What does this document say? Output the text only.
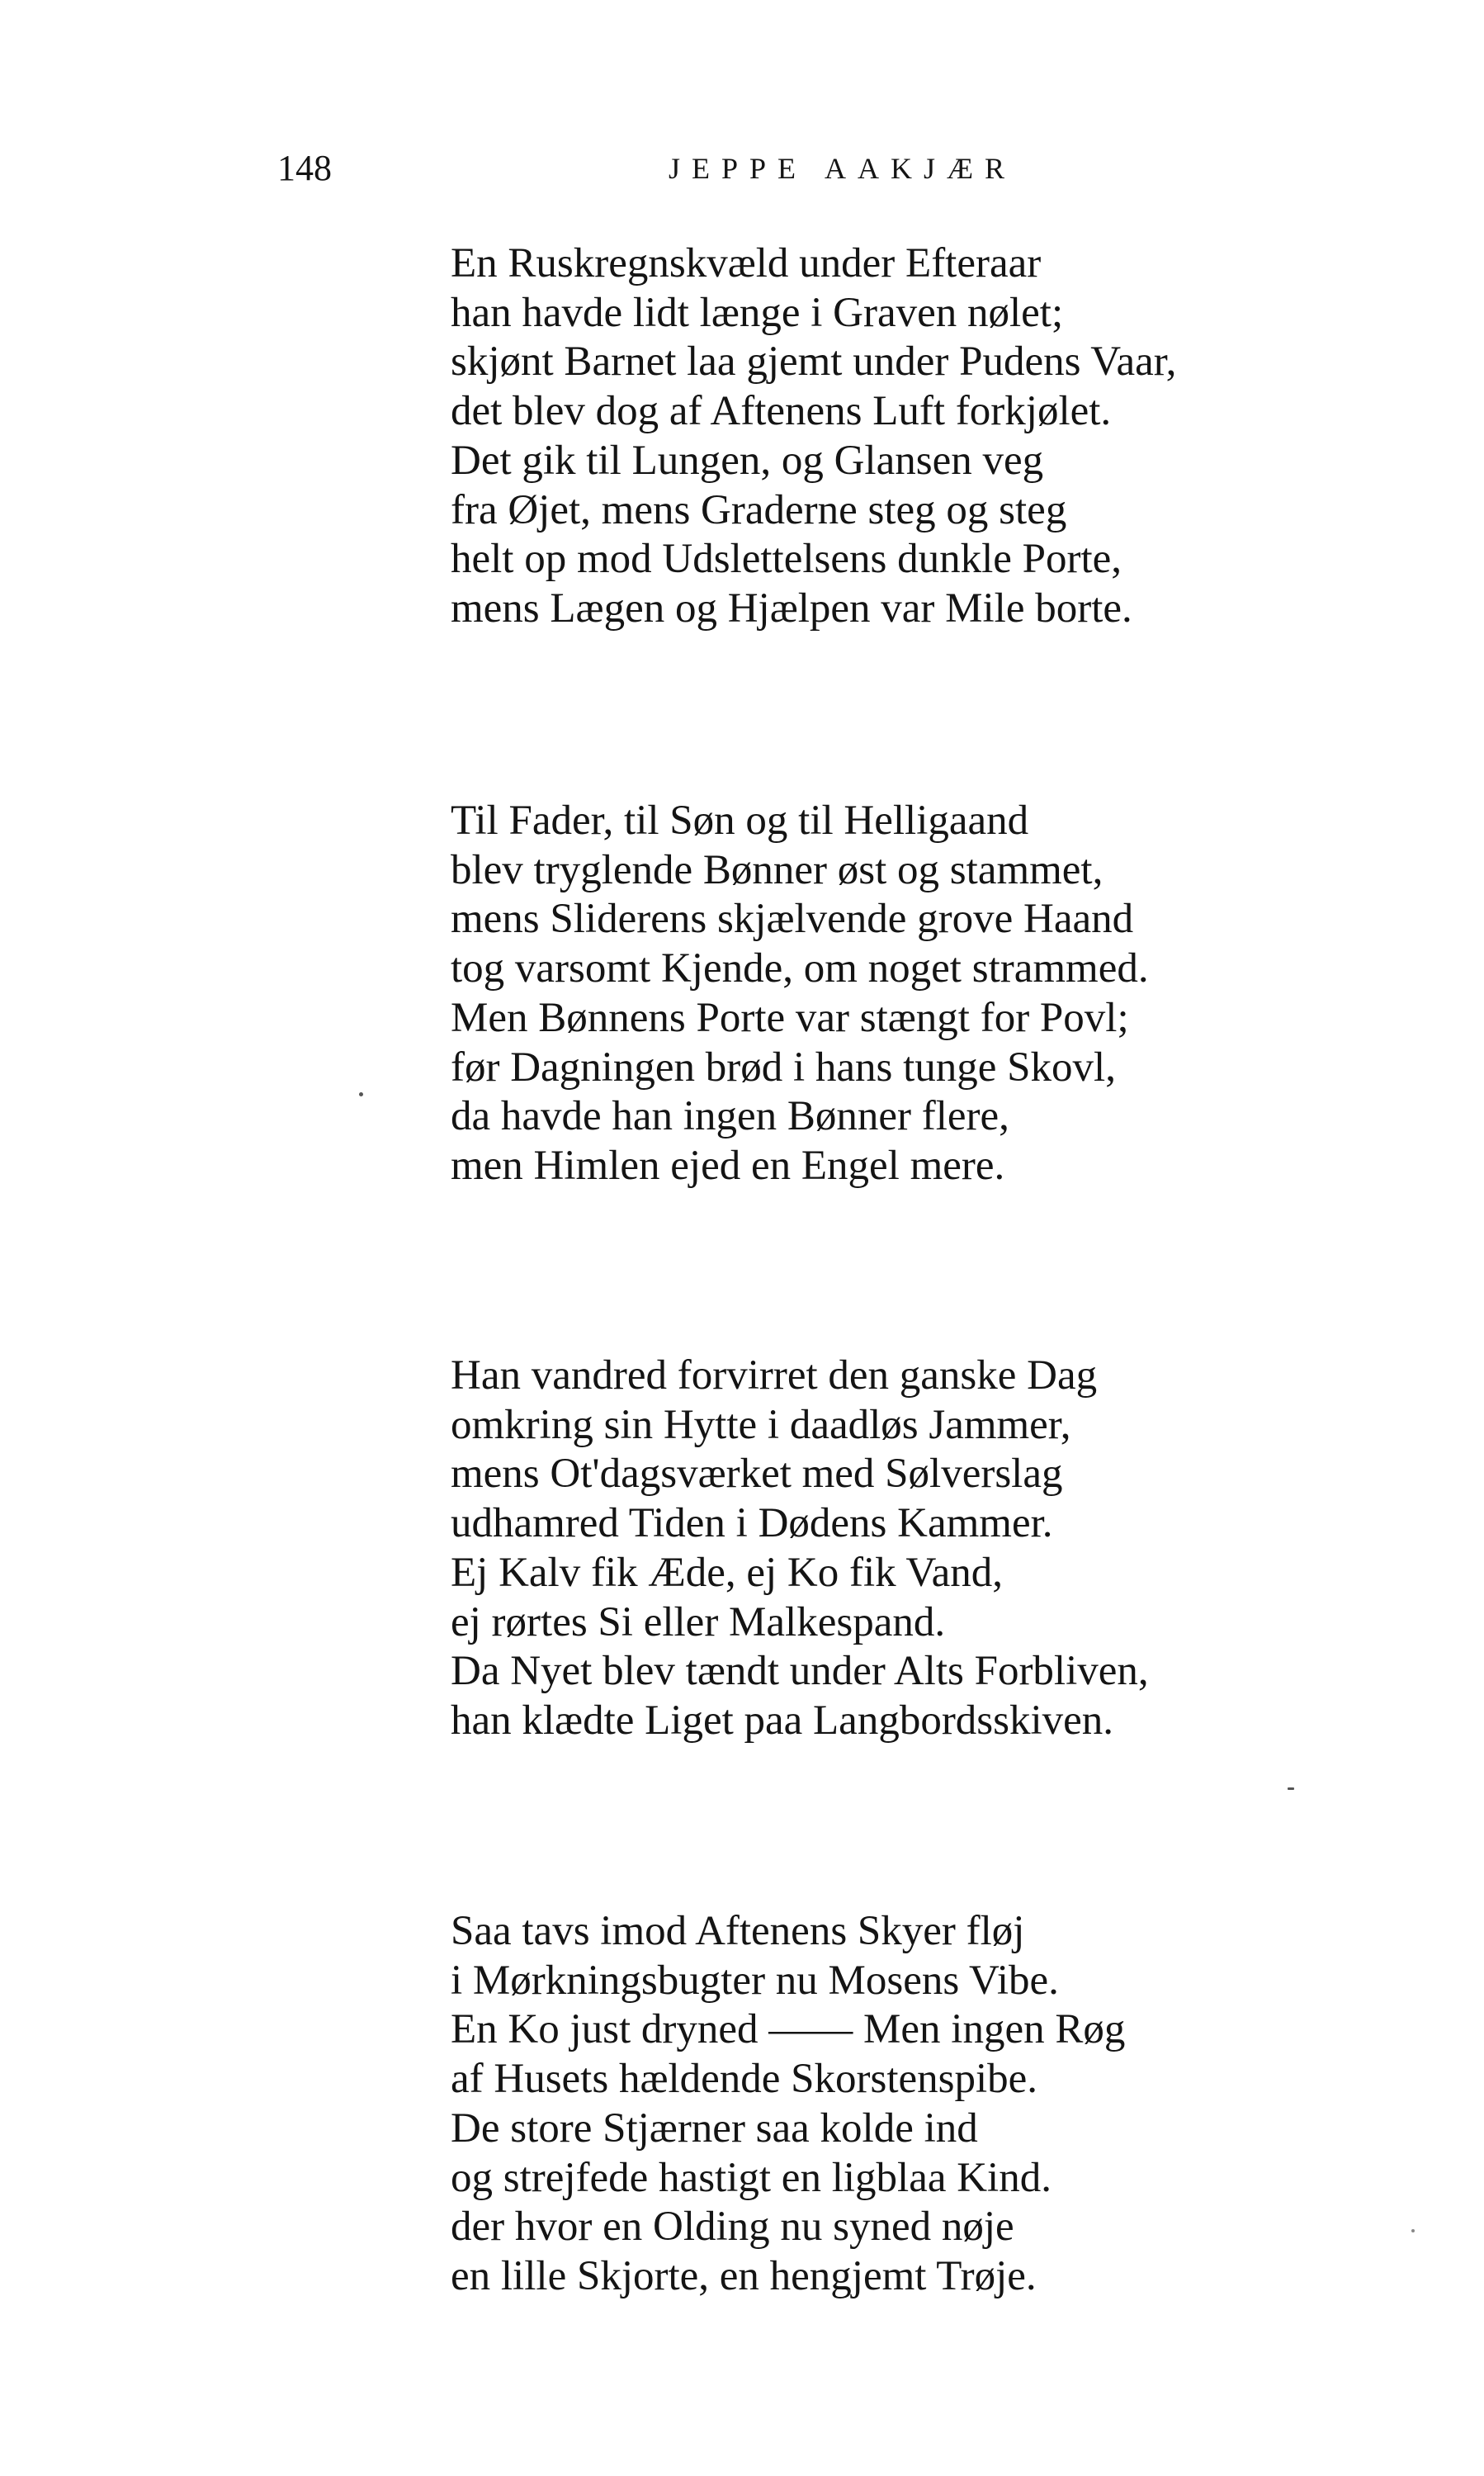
148	JEPPE AAKJÆR

En Ruskregnskvæld under Efteraar
han havde lidt længe i Graven nølet;
skjønt Barnet laa gjemt under Pudens Vaar,
det blev dog af Aftenens Luft forkjølet.
Det gik til Lungen, og Glansen veg
fra Øjet, mens Graderne steg og steg
helt op mod Udslettelsens dunkle Porte,
mens Lægen og Hjælpen var Mile borte.
Til Fader, til Søn og til Helligaand
blev tryglende Bønner øst og stammet,
mens Sliderens skjælvende grove Haand
tog varsomt Kjende, om noget strammed.
Men Bønnens Porte var stængt for Povl;
før Dagningen brød i hans tunge Skovl,
da havde han ingen Bønner flere,
men Himlen ejed en Engel mere.
Han vandred forvirret den ganske Dag
omkring sin Hytte i daadløs Jammer,
mens Ot'dagsværket med Sølverslag
udhamred Tiden i Dødens Kammer.
Ej Kalv fik Æde, ej Ko fik Vand,
ej rørtes Si eller Malkespand.
Da Nyet blev tændt under Alts Forbliven,
han klædte Liget paa Langbordsskiven.
Saa tavs imod Aftenens Skyer fløj
i Mørkningsbugter nu Mosens Vibe.
En Ko just dryned —— Men ingen Røg
af Husets hældende Skorstenspibe.
De store Stjærner saa kolde ind
og strejfede hastigt en ligblaa Kind.
der hvor en Olding nu syned nøje
en lille Skjorte, en hengjemt Trøje.
